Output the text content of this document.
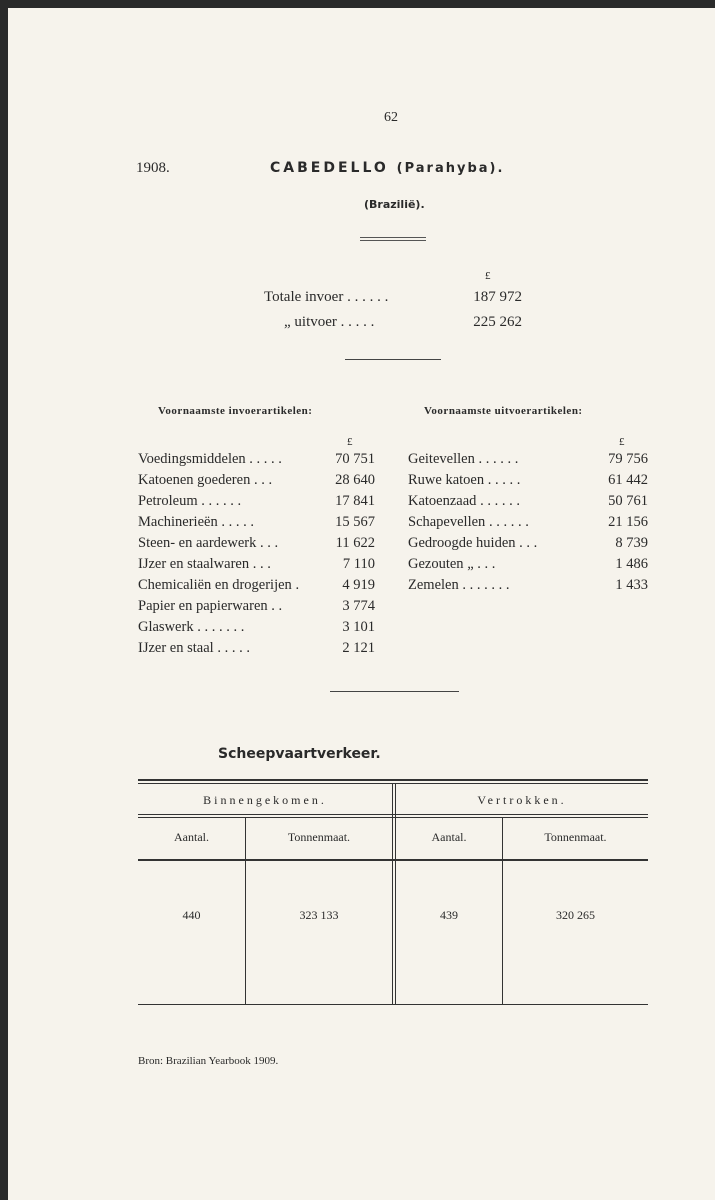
62
1908.	CABEDELLO (Parahyba).
(Brazilië).
£
Totale invoer . . . . . .	187 972
„ uitvoer . . . . .	225 262
Voornaamste invoerartikelen:	Voornaamste uitvoerartikelen:
£	£
Voedingsmiddelen . . . . .	70 751
Katoenen goederen . . .	28 640
Petroleum . . . . . .	17 841
Machinerieën . . . . .	15 567
Steen- en aardewerk . . .	11 622
IJzer en staalwaren . . .	7 110
Chemicaliën en drogerijen .	4 919
Papier en papierwaren . .	3 774
Glaswerk . . . . . . .	3 101
IJzer en staal . . . . .	2 121
Geitevellen . . . . . .	79 756
Ruwe katoen . . . . .	61 442
Katoenzaad . . . . . .	50 761
Schapevellen . . . . . .	21 156
Gedroogde huiden . . .	8 739
Gezouten „ . . .	1 486
Zemelen . . . . . . .	1 433
Scheepvaartverkeer.
Binnengekomen.	Vertrokken.
Aantal.	Tonnenmaat.	Aantal.	Tonnenmaat.
440	323 133	439	320 265
Bron: Brazilian Yearbook 1909.
